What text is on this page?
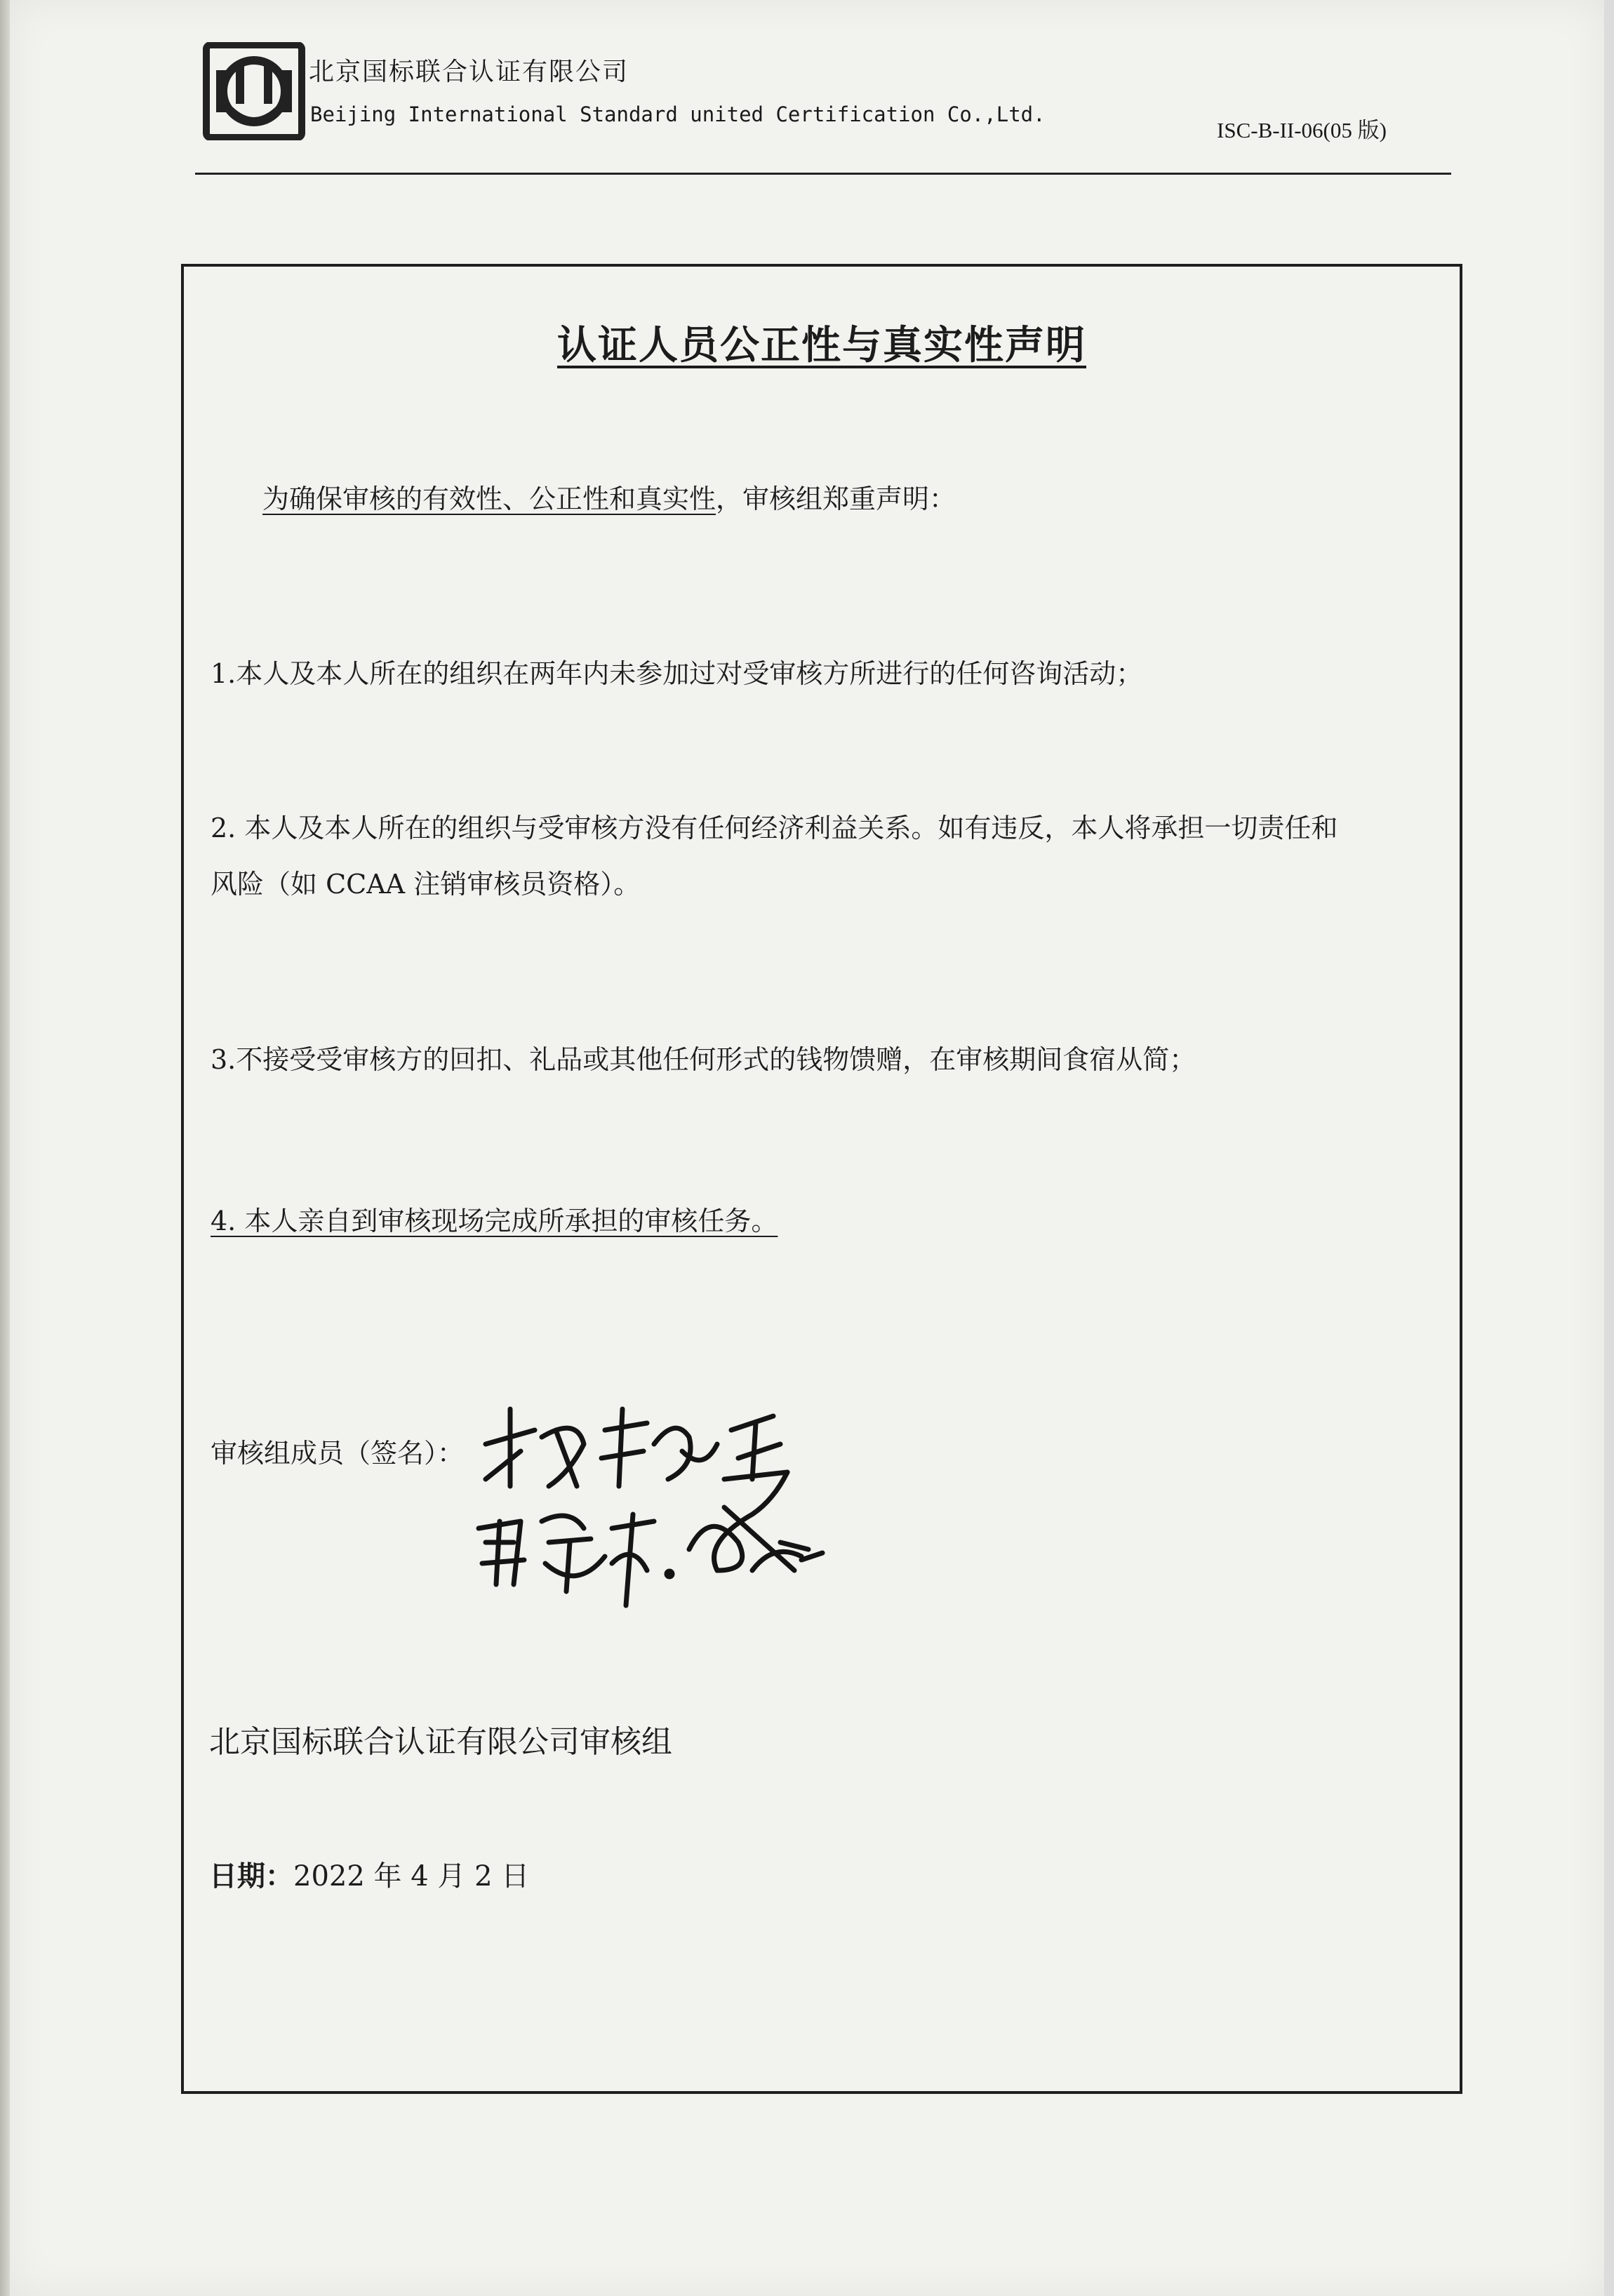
北京国标联合认证有限公司
Beijing International Standard united Certification Co.,Ltd.
ISC-B-II-06(05 版)
认证人员公正性与真实性声明
为确保审核的有效性、公正性和真实性，审核组郑重声明：
1.本人及本人所在的组织在两年内未参加过对受审核方所进行的任何咨询活动；
2. 本人及本人所在的组织与受审核方没有任何经济利益关系。如有违反，本人将承担一切责任和
风险（如 CCAA 注销审核员资格）。
3.不接受受审核方的回扣、礼品或其他任何形式的钱物馈赠，在审核期间食宿从简；
4. 本人亲自到审核现场完成所承担的审核任务。
审核组成员（签名）：
北京国标联合认证有限公司审核组
日期：2022 年 4 月 2 日
